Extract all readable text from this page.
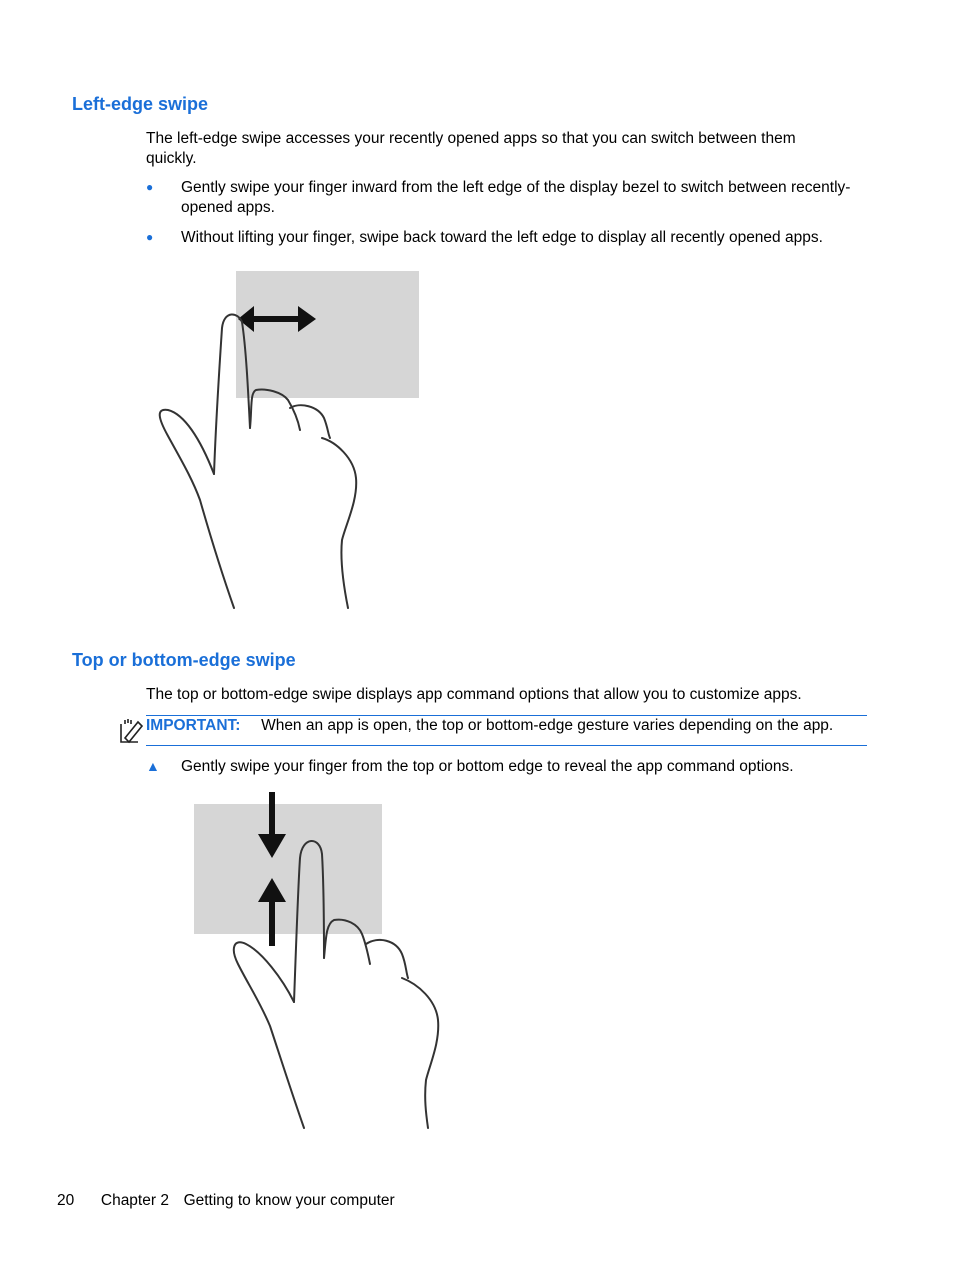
Left-edge swipe

The left-edge swipe accesses your recently opened apps so that you can switch between them quickly.

● Gently swipe your finger inward from the left edge of the display bezel to switch between recently-opened apps.

● Without lifting your finger, swipe back toward the left edge to display all recently opened apps.

Top or bottom-edge swipe

The top or bottom-edge swipe displays app command options that allow you to customize apps.

IMPORTANT: When an app is open, the top or bottom-edge gesture varies depending on the app.
▲ Gently swipe your finger from the top or bottom edge to reveal the app command options.

20 Chapter 2 Getting to know your computer
